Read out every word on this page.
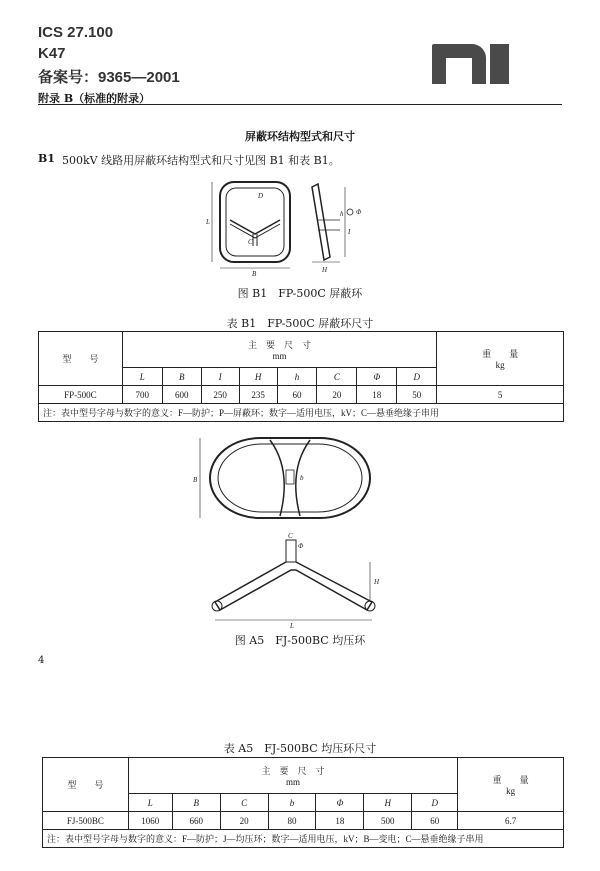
ICS 27.100
K47
备案号：9365—2001
附录 B（标准的附录）
屏蔽环结构型式和尺寸
B1 500kV 线路用屏蔽环结构型式和尺寸见图 B1 和表 B1。
D
L
B
C
h Φ
I
H
图 B1　FP-500C 屏蔽环
表 B1　FP-500C 屏蔽环尺寸
型　　号	主　要　尺　寸
mm								重　　量
kg
	L	B	I	H	h	C	Φ	D	
FP-500C	700	600	250	235	60	20	18	50	5
注：表中型号字母与数字的意义：F—防护；P—屏蔽环；数字—适用电压，kV；C—悬垂绝缘子串用									
B	b
C
Φ
H
L
图 A5　FJ-500BC 均压环
4
表 A5　FJ-500BC 均压环尺寸
型　　号	主　要　尺　寸
mm							重　　量
kg
	L	B	C	b	Φ	H	D	
FJ-500BC	1060	660	20	80	18	500	60	6.7
注：表中型号字母与数字的意义：F—防护；J—均压环；数字—适用电压，kV；B—变电；C—悬垂绝缘子串用								
